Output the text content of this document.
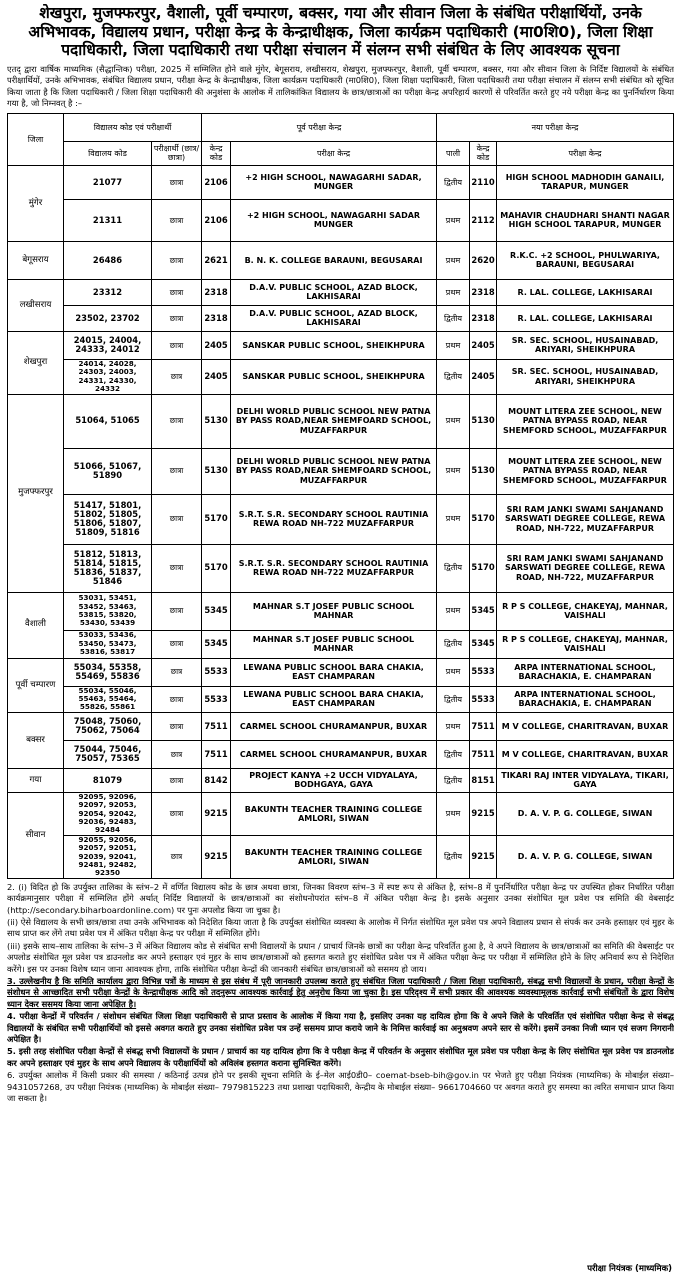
शेखपुरा, मुजफ्फरपुर, वैशाली, पूर्वी चम्पारण, बक्सर, गया और सीवान जिला के संबंधित परीक्षार्थियों, उनके अभिभावक, विद्यालय प्रधान, परीक्षा केन्द्र के केन्द्राधीक्षक, जिला कार्यक्रम पदाधिकारी (मा0शि0), जिला शिक्षा पदाधिकारी, जिला पदाधिकारी तथा परीक्षा संचालन में संलग्न सभी संबंधित के लिए आवश्यक सूचना
एतद् द्वारा वार्षिक माध्यमिक (सैद्धान्तिक) परीक्षा, 2025 में सम्मिलित होने वाले मुंगेर, बेगूसराय, लखीसराय, शेखपुरा, मुजफ्फरपुर, वैशाली, पूर्वी चम्पारण, बक्सर, गया और सीवान जिला के निर्दिष्ट विद्यालयों के संबंधित परीक्षार्थियों, उनके अभिभावक, संबंधित विद्यालय प्रधान, परीक्षा केन्द्र के केन्द्राधीक्षक, जिला कार्यक्रम पदाधिकारी (मा0शि0), जिला शिक्षा पदाधिकारी, जिला पदाधिकारी तथा परीक्षा संचालन में संलग्न सभी संबंधित को सूचित किया जाता है कि जिला पदाधिकारी / जिला शिक्षा पदाधिकारी की अनुशंसा के आलोक में तालिकांकित विद्यालय के छात्र/छात्राओं का परीक्षा केन्द्र अपरिहार्य कारणों से परिवर्तित करते हुए नये परीक्षा केन्द्र का पुनर्निर्धारण किया गया है, जो निम्नवत् है :–
जिला	विद्यालय कोड एवं परीक्षार्थी		पूर्व परीक्षा केन्द्र		नया परीक्षा केन्द्र		
	विद्यालय कोड	परीक्षार्थी (छात्र/छात्रा)	केन्द्र कोड	परीक्षा केन्द्र	पाली	केन्द्र कोड	परीक्षा केन्द्र
मुंगेर	21077	छात्रा	2106	+2 HIGH SCHOOL, NAWAGARHI SADAR, MUNGER	द्वितीय	2110	HIGH SCHOOL MADHODIH GANAILI, TARAPUR, MUNGER
	21311	छात्रा	2106	+2 HIGH SCHOOL, NAWAGARHI SADAR MUNGER	प्रथम	2112	MAHAVIR CHAUDHARI SHANTI NAGAR HIGH SCHOOL TARAPUR, MUNGER
बेगूसराय	26486	छात्रा	2621	B. N. K. COLLEGE BARAUNI, BEGUSARAI	प्रथम	2620	R.K.C. +2 SCHOOL, PHULWARIYA, BARAUNI, BEGUSARAI
लखीसराय	23312	छात्रा	2318	D.A.V. PUBLIC SCHOOL, AZAD BLOCK, LAKHISARAI	प्रथम	2318	R. LAL. COLLEGE, LAKHISARAI
	23502, 23702	छात्रा	2318	D.A.V. PUBLIC SCHOOL, AZAD BLOCK, LAKHISARAI	द्वितीय	2318	R. LAL. COLLEGE, LAKHISARAI
शेखपुरा	24015, 24004, 24333, 24012	छात्रा	2405	SANSKAR PUBLIC SCHOOL, SHEIKHPURA	प्रथम	2405	SR. SEC. SCHOOL, HUSAINABAD, ARIYARI, SHEIKHPURA
	24014, 24028, 24303, 24003, 24331, 24330, 24332	छात्र	2405	SANSKAR PUBLIC SCHOOL, SHEIKHPURA	द्वितीय	2405	SR. SEC. SCHOOL, HUSAINABAD, ARIYARI, SHEIKHPURA
मुजफ्फरपुर	51064, 51065	छात्रा	5130	DELHI WORLD PUBLIC SCHOOL NEW PATNA BY PASS ROAD,NEAR SHEMFOARD SCHOOL, MUZAFFARPUR	प्रथम	5130	MOUNT LITERA ZEE SCHOOL, NEW PATNA BYPASS ROAD, NEAR SHEMFORD SCHOOL, MUZAFFARPUR
	51066, 51067, 51890	छात्रा	5130	DELHI WORLD PUBLIC SCHOOL NEW PATNA BY PASS ROAD,NEAR SHEMFOARD SCHOOL, MUZAFFARPUR	प्रथम	5130	MOUNT LITERA ZEE SCHOOL, NEW PATNA BYPASS ROAD, NEAR SHEMFORD SCHOOL, MUZAFFARPUR
	51417, 51801, 51802, 51805, 51806, 51807, 51809, 51816	छात्रा	5170	S.R.T. S.R. SECONDARY SCHOOL RAUTINIA REWA ROAD NH-722 MUZAFFARPUR	प्रथम	5170	SRI RAM JANKI SWAMI SAHJANAND SARSWATI DEGREE COLLEGE, REWA ROAD, NH-722, MUZAFFARPUR
	51812, 51813, 51814, 51815, 51836, 51837, 51846	छात्रा	5170	S.R.T. S.R. SECONDARY SCHOOL RAUTINIA REWA ROAD NH-722 MUZAFFARPUR	द्वितीय	5170	SRI RAM JANKI SWAMI SAHJANAND SARSWATI DEGREE COLLEGE, REWA ROAD, NH-722, MUZAFFARPUR
वैशाली	53031, 53451, 53452, 53463, 53815, 53820, 53430, 53439	छात्रा	5345	MAHNAR S.T JOSEF PUBLIC SCHOOL MAHNAR	प्रथम	5345	R P S COLLEGE, CHAKEYAJ, MAHNAR, VAISHALI
	53033, 53436, 53450, 53473, 53816, 53817	छात्रा	5345	MAHNAR S.T JOSEF PUBLIC SCHOOL MAHNAR	द्वितीय	5345	R P S COLLEGE, CHAKEYAJ, MAHNAR, VAISHALI
पूर्वी चम्पारण	55034, 55358, 55469, 55836	छात्र	5533	LEWANA PUBLIC SCHOOL BARA CHAKIA, EAST CHAMPARAN	प्रथम	5533	ARPA INTERNATIONAL SCHOOL, BARACHAKIA, E. CHAMPARAN
	55034, 55046, 55463, 55464, 55826, 55861	छात्रा	5533	LEWANA PUBLIC SCHOOL BARA CHAKIA, EAST CHAMPARAN	द्वितीय	5533	ARPA INTERNATIONAL SCHOOL, BARACHAKIA, E. CHAMPARAN
बक्सर	75048, 75060, 75062, 75064	छात्रा	7511	CARMEL SCHOOL CHURAMANPUR, BUXAR	प्रथम	7511	M V COLLEGE, CHARITRAVAN, BUXAR
	75044, 75046, 75057, 75365	छात्र	7511	CARMEL SCHOOL CHURAMANPUR, BUXAR	द्वितीय	7511	M V COLLEGE, CHARITRAVAN, BUXAR
गया	81079	छात्रा	8142	PROJECT KANYA +2 UCCH VIDYALAYA, BODHGAYA, GAYA	द्वितीय	8151	TIKARI RAJ INTER VIDYALAYA, TIKARI, GAYA
सीवान	92095, 92096, 92097, 92053, 92054, 92042, 92036, 92483, 92484	छात्रा	9215	BAKUNTH TEACHER TRAINING COLLEGE AMLORI, SIWAN	प्रथम	9215	D. A. V. P. G. COLLEGE, SIWAN
	92055, 92056, 92057, 92051, 92039, 92041, 92481, 92482, 92350	छात्र	9215	BAKUNTH TEACHER TRAINING COLLEGE AMLORI, SIWAN	द्वितीय	9215	D. A. V. P. G. COLLEGE, SIWAN

2. (i) विदित हो कि उपर्युक्त तालिका के स्तंभ–2 में वर्णित विद्यालय कोड के छात्र अथवा छात्रा, जिनका विवरण स्तंभ–3 में स्पष्ट रूप से अंकित है, स्तंभ–8 में पुनर्निर्धारित परीक्षा केन्द्र पर उपस्थित होकर निर्धारित परीक्षा कार्यक्रमानुसार परीक्षा में सम्मिलित होंगे अर्थात् निर्दिष्ट विद्यालयों के छात्र/छात्राओं का संशोधनोपरांत स्तंभ–8 में अंकित परीक्षा केन्द्र है। इसके अनुसार उनका संशोधित मूल प्रवेश पत्र समिति की वेबसाईट (http://secondary.biharboardonline.com) पर पुनः अपलोड किया जा चुका है।

(ii) ऐसे विद्यालय के सभी छात्र/छात्रा तथा उनके अभिभावक को निदेशित किया जाता है कि उपर्युक्त संशोधित व्यवस्था के आलोक में निर्गत संशोधित मूल प्रवेश पत्र अपने विद्यालय प्रधान से संपर्क कर उनके हस्ताक्षर एवं मुहर के साथ प्राप्त कर लेंगे तथा प्रवेश पत्र में अंकित परीक्षा केन्द्र पर परीक्षा में सम्मिलित होंगे।

(iii) इसके साथ–साथ तालिका के स्तंभ–3 में अंकित विद्यालय कोड से संबंधित सभी विद्यालयों के प्रधान / प्राचार्य जिनके छात्रों का परीक्षा केन्द्र परिवर्तित हुआ है, वे अपने विद्यालय के छात्र/छात्राओं का समिति की वेबसाईट पर अपलोड संशोधित मूल प्रवेश पत्र डाउनलोड कर अपने हस्ताक्षर एवं मुहर के साथ छात्र/छात्राओं को हस्तगत कराते हुए संशोधित प्रवेश पत्र में अंकित परीक्षा केन्द्र पर परीक्षा में सम्मिलित होने के लिए अनिवार्य रूप से निदेशित करेंगे। इस पर उनका विशेष ध्यान जाना आवश्यक होगा, ताकि संशोधित परीक्षा केन्द्रों की जानकारी संबंधित छात्र/छात्राओं को ससमय हो जाय।

3. उल्लेखनीय है कि समिति कार्यालय द्वारा विभिन्न पत्रों के माध्यम से इस संबंध में पूरी जानकारी उपलब्ध कराते हुए संबंधित जिला पदाधिकारी / जिला शिक्षा पदाधिकारी, संबद्ध सभी विद्यालयों के प्रधान, परीक्षा केन्द्रों के संशोधन से आच्छादित सभी परीक्षा केन्द्रों के केन्द्राधीक्षक आदि को तदनुरूप आवश्यक कार्रवाई हेतु अनुरोध किया जा चुका है। इस परिदृश्य में सभी प्रकार की आवश्यक व्यवस्थामूलक कार्रवाई सभी संबंधितों के द्वारा विशेष ध्यान देकर ससमय किया जाना अपेक्षित है।

4. परीक्षा केन्द्रों में परिवर्तन / संशोधन संबंधित जिला शिक्षा पदाधिकारी से प्राप्त प्रस्ताव के आलोक में किया गया है, इसलिए उनका यह दायित्व होगा कि वे अपने जिले के परिवर्तित एवं संशोधित परीक्षा केन्द्र से संबद्ध विद्यालयों के संबंधित सभी परीक्षार्थियों को इससे अवगत कराते हुए उनका संशोधित प्रवेश पत्र उन्हें ससमय प्राप्त कराये जाने के निमित्त कार्रवाई का अनुश्रवण अपने स्तर से करेंगे। इसमें उनका निजी ध्यान एवं सजग निगरानी अपेक्षित है।

5. इसी तरह संशोधित परीक्षा केन्द्रों से संबद्ध सभी विद्यालयों के प्रधान / प्राचार्य का यह दायित्व होगा कि वे परीक्षा केन्द्र में परिवर्तन के अनुसार संशोधित मूल प्रवेश पत्र परीक्षा केन्द्र के लिए संशोधित मूल प्रवेश पत्र डाउनलोड कर अपने हस्ताक्षर एवं मुहर के साथ अपने विद्यालय के परीक्षार्थियों को अविलंब हस्तगत कराना सुनिश्चित करेंगे।

6. उपर्युक्त आलोक में किसी प्रकार की समस्या / कठिनाई उत्पन्न होने पर इसकी सूचना समिति के ई–मेल आई0डी0– coemat-bseb-bih@gov.in पर भेजते हुए परीक्षा नियंत्रक (माध्यमिक) के मोबाईल संख्या– 9431057268, उप परीक्षा नियंत्रक (माध्यमिक) के मोबाईल संख्या– 7979815223 तथा प्रशाखा पदाधिकारी, केन्द्रीय के मोबाईल संख्या– 9661704660 पर अवगत कराते हुए समस्या का त्वरित समाधान प्राप्त किया जा सकता है।

परीक्षा नियंत्रक (माध्यमिक)
